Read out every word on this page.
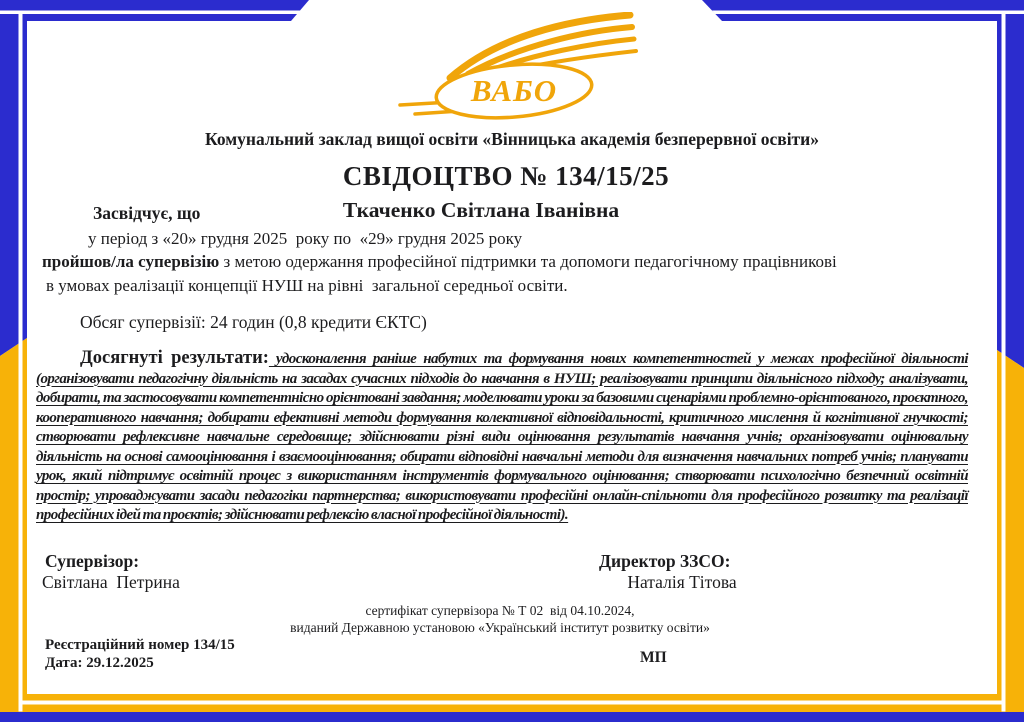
ВАБО
Комунальний заклад вищої освіти «Вінницька академія безперервної освіти»
СВІДОЦТВО № 134/15/25
Засвідчує, що	Ткаченко Світлана Іванівна
у період з «20» грудня 2025  року по  «29» грудня 2025 року
пройшов/ла супервізію з метою одержання професійної підтримки та допомоги педагогічному працівникові
в умовах реалізації концепції НУШ на рівні  загальної середньої освіти.
Обсяг супервізії: 24 годин (0,8 кредити ЄКТС)
Досягнуті результати: удосконалення раніше набутих та формування нових компетентностей у межах професійної діяльності (організовувати педагогічну діяльність на засадах сучасних підходів до навчання в НУШ; реалізовувати принципи діяльнісного підходу; аналізувати, добирати, та застосовувати компетентнісно орієнтовані завдання; моделювати уроки за базовими сценаріями проблемно-орієнтованого, проєктного, кооперативного навчання; добирати ефективні методи формування колективної відповідальності, критичного мислення й когнітивної гнучкості; створювати рефлексивне навчальне середовище; здійснювати різні види оцінювання результатів навчання учнів; організовувати оцінювальну діяльність на основі самооцінювання і взаємооцінювання; обирати відповідні навчальні методи для визначення навчальних потреб учнів; планувати урок, який підтримує освітній процес з використанням інструментів формувального оцінювання; створювати психологічно безпечний освітній простір; упроваджувати засади педагогіки партнерства; використовувати професійні онлайн-спільноти для професійного розвитку та реалізації професійних ідей та проєктів; здійснювати рефлексію власної професійної діяльності).
Супервізор:
Світлана  Петрина
Директор ЗЗСО:
Наталія Тітова
сертифікат супервізора № Т 02  від 04.10.2024,
виданий Державною установою «Український інститут розвитку освіти»
Реєстраційний номер 134/15
Дата: 29.12.2025	МП
